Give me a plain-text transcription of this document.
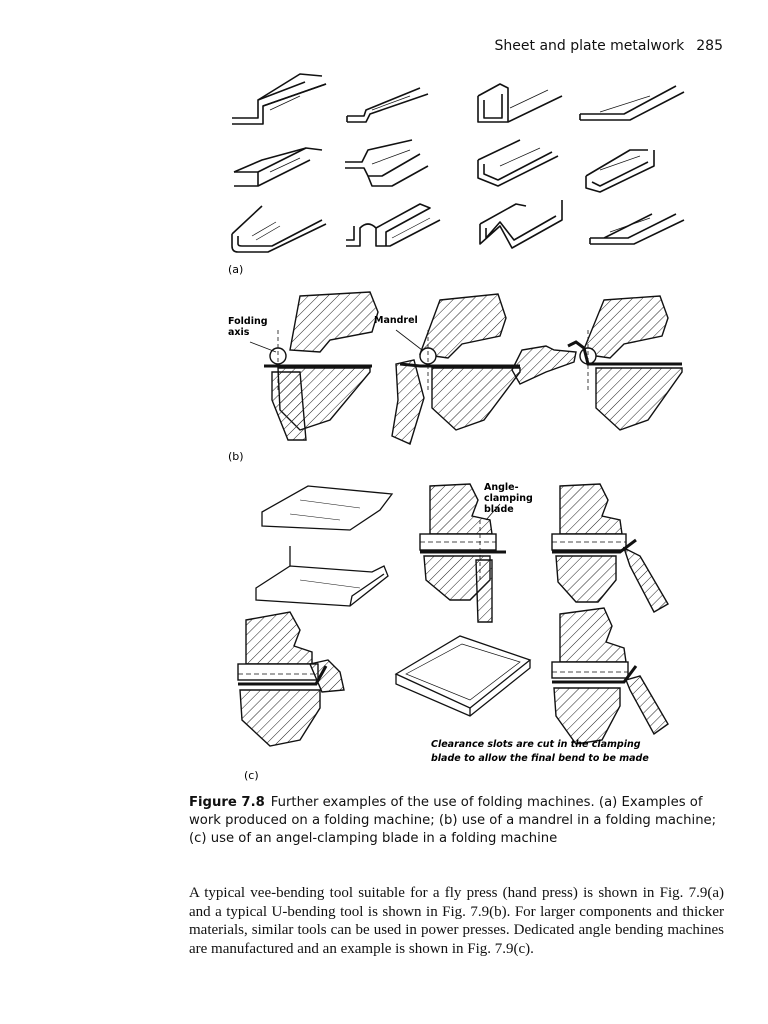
Sheet and plate metalwork 285
(a)
Folding
axis
Mandrel
(b)
Angle-
clamping
blade
Clearance slots are cut in the clamping
blade to allow the final bend to be made
(c)
Figure 7.8 Further examples of the use of folding machines. (a) Examples of work produced on a folding machine; (b) use of a mandrel in a folding machine; (c) use of an angel-clamping blade in a folding machine
A typical vee-bending tool suitable for a fly press (hand press) is shown in Fig. 7.9(a) and a typical U-bending tool is shown in Fig. 7.9(b). For larger components and thicker materials, similar tools can be used in power presses. Dedicated angle bending machines are manufactured and an example is shown in Fig. 7.9(c).
